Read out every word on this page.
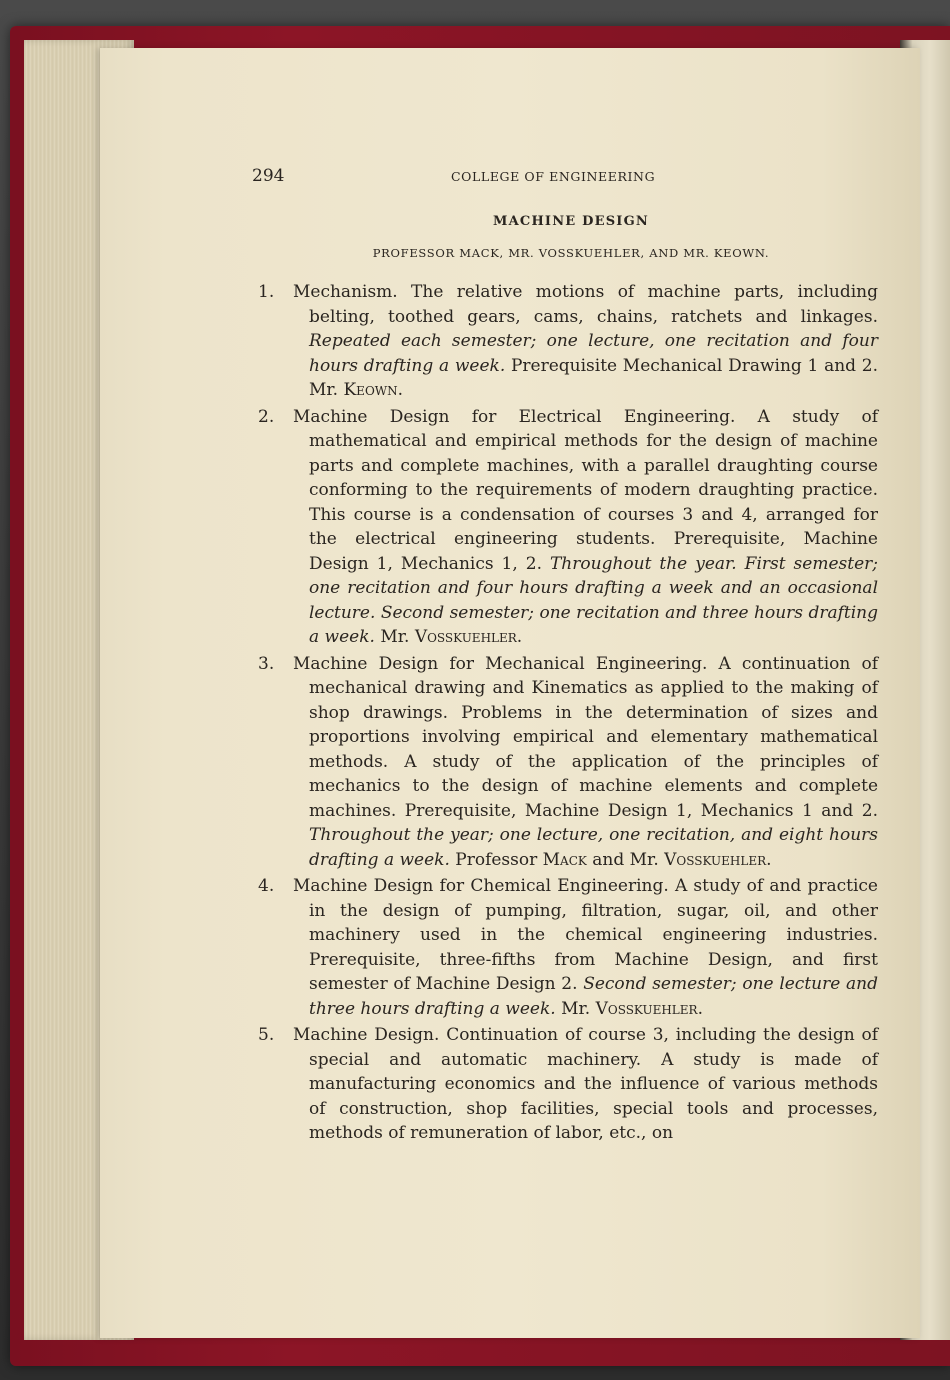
294	COLLEGE OF ENGINEERING
MACHINE DESIGN
PROFESSOR MACK, MR. VOSSKUEHLER, AND MR. KEOWN.
1. Mechanism. The relative motions of machine parts, including belting, toothed gears, cams, chains, ratchets and linkages. Repeated each semester; one lecture, one recitation and four hours drafting a week. Prerequisite Mechanical Drawing 1 and 2. Mr. Keown.
2. Machine Design for Electrical Engineering. A study of mathematical and empirical methods for the design of machine parts and complete machines, with a parallel draughting course conforming to the requirements of modern draughting practice. This course is a condensation of courses 3 and 4, arranged for the electrical engineering students. Prerequisite, Machine Design 1, Mechanics 1, 2. Throughout the year. First semester; one recitation and four hours drafting a week and an occasional lecture. Second semester; one recitation and three hours drafting a week. Mr. Vosskuehler.
3. Machine Design for Mechanical Engineering. A continuation of mechanical drawing and Kinematics as applied to the making of shop drawings. Problems in the determination of sizes and proportions involving empirical and elementary mathematical methods. A study of the application of the principles of mechanics to the design of machine elements and complete machines. Prerequisite, Machine Design 1, Mechanics 1 and 2. Throughout the year; one lecture, one recitation, and eight hours drafting a week. Professor Mack and Mr. Vosskuehler.
4. Machine Design for Chemical Engineering. A study of and practice in the design of pumping, filtration, sugar, oil, and other machinery used in the chemical engineering industries. Prerequisite, three-fifths from Machine Design, and first semester of Machine Design 2. Second semester; one lecture and three hours drafting a week. Mr. Vosskuehler.
5. Machine Design. Continuation of course 3, including the design of special and automatic machinery. A study is made of manufacturing economics and the influence of various methods of construction, shop facilities, special tools and processes, methods of remuneration of labor, etc., on
